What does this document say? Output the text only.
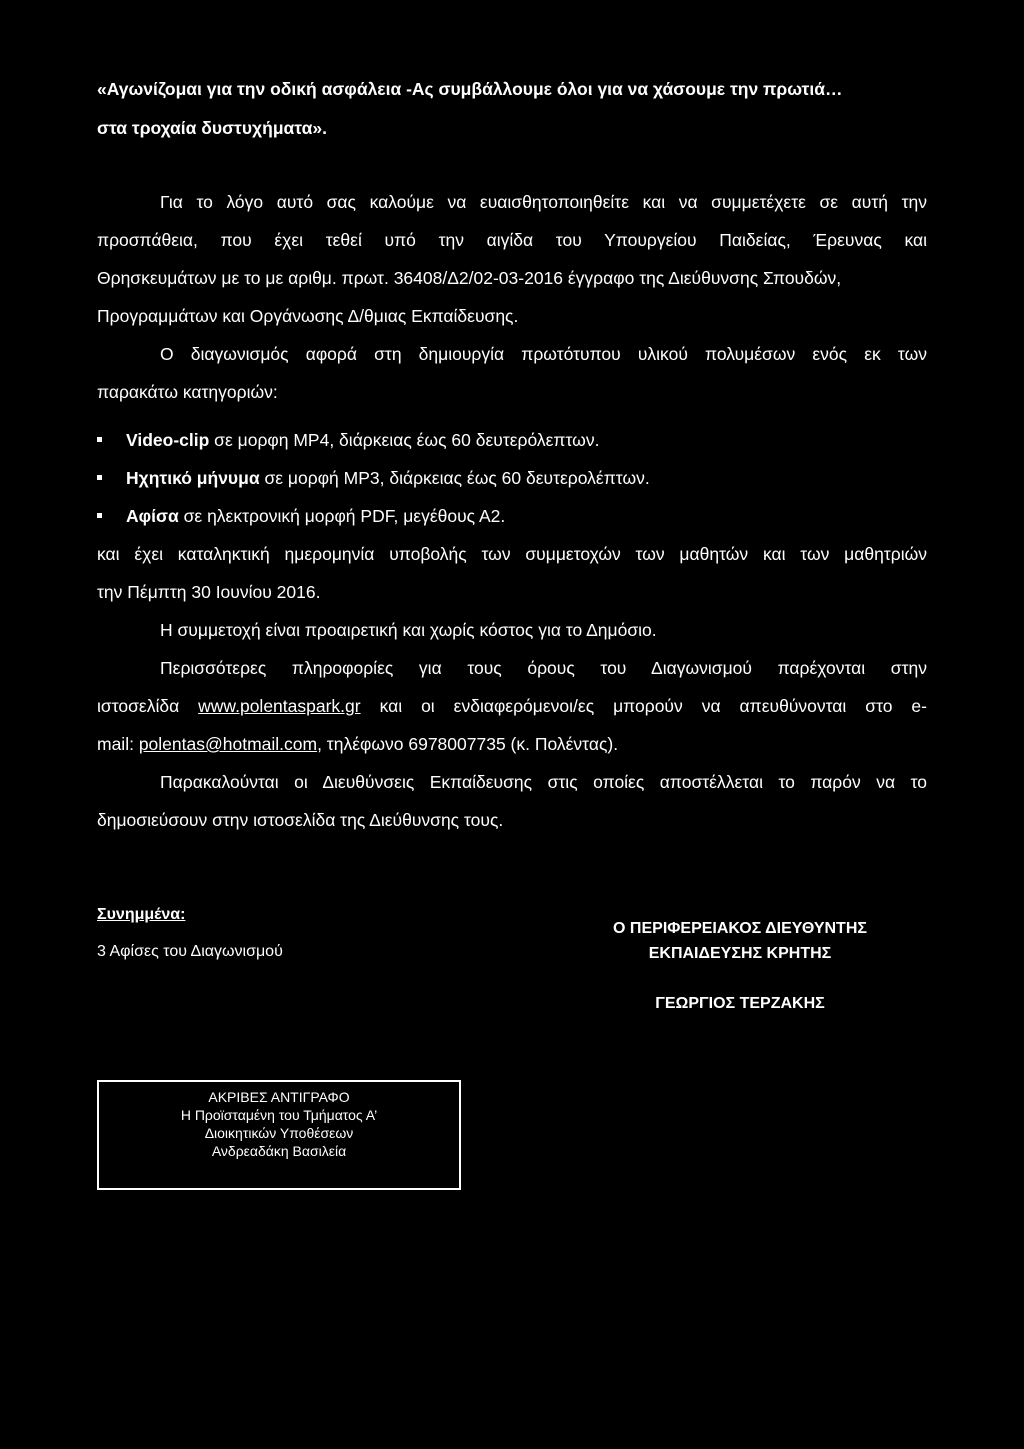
«Αγωνίζομαι για την οδική ασφάλεια -Ας συμβάλλουμε όλοι για να χάσουμε την πρωτιά…
στα τροχαία δυστυχήματα».
Για το λόγο αυτό σας καλούμε να ευαισθητοποιηθείτε και να συμμετέχετε σε αυτή την
προσπάθεια, που έχει τεθεί υπό την αιγίδα του Υπουργείου Παιδείας, Έρευνας και
Θρησκευμάτων με το με αριθμ. πρωτ. 36408/Δ2/02-03-2016 έγγραφο της Διεύθυνσης Σπουδών,
Προγραμμάτων και Οργάνωσης Δ/θμιας Εκπαίδευσης.
Ο διαγωνισμός αφορά στη δημιουργία πρωτότυπου υλικού πολυμέσων ενός εκ των
παρακάτω κατηγοριών:
Video-clip σε μορφη MP4, διάρκειας έως 60 δευτερόλεπτων.
Ηχητικό μήνυμα σε μορφή MP3, διάρκειας έως 60 δευτερολέπτων.
Αφίσα σε ηλεκτρονική μορφή PDF, μεγέθους Α2.
και έχει καταληκτική ημερομηνία υποβολής των συμμετοχών των μαθητών και των μαθητριών
την Πέμπτη 30 Ιουνίου 2016.
Η συμμετοχή είναι προαιρετική και χωρίς κόστος για το Δημόσιο.
Περισσότερες πληροφορίες για τους όρους του Διαγωνισμού παρέχονται στην
ιστοσελίδα www.polentaspark.gr και οι ενδιαφερόμενοι/ες μπορούν να απευθύνονται στο e-
mail: polentas@hotmail.com, τηλέφωνο 6978007735 (κ. Πολέντας).
Παρακαλούνται οι Διευθύνσεις Εκπαίδευσης στις οποίες αποστέλλεται το παρόν να το
δημοσιεύσουν στην ιστοσελίδα της Διεύθυνσης τους.
Συνημμένα:
3 Αφίσες του Διαγωνισμού
Ο ΠΕΡΙΦΕΡΕΙΑΚΟΣ ΔΙΕΥΘΥΝΤΗΣ
ΕΚΠΑΙΔΕΥΣΗΣ ΚΡΗΤΗΣ
ΓΕΩΡΓΙΟΣ ΤΕΡΖΑΚΗΣ
ΑΚΡΙΒΕΣ ΑΝΤΙΓΡΑΦΟ
Η Προϊσταμένη του Τμήματος Α’
Διοικητικών Υποθέσεων
Ανδρεαδάκη Βασιλεία
